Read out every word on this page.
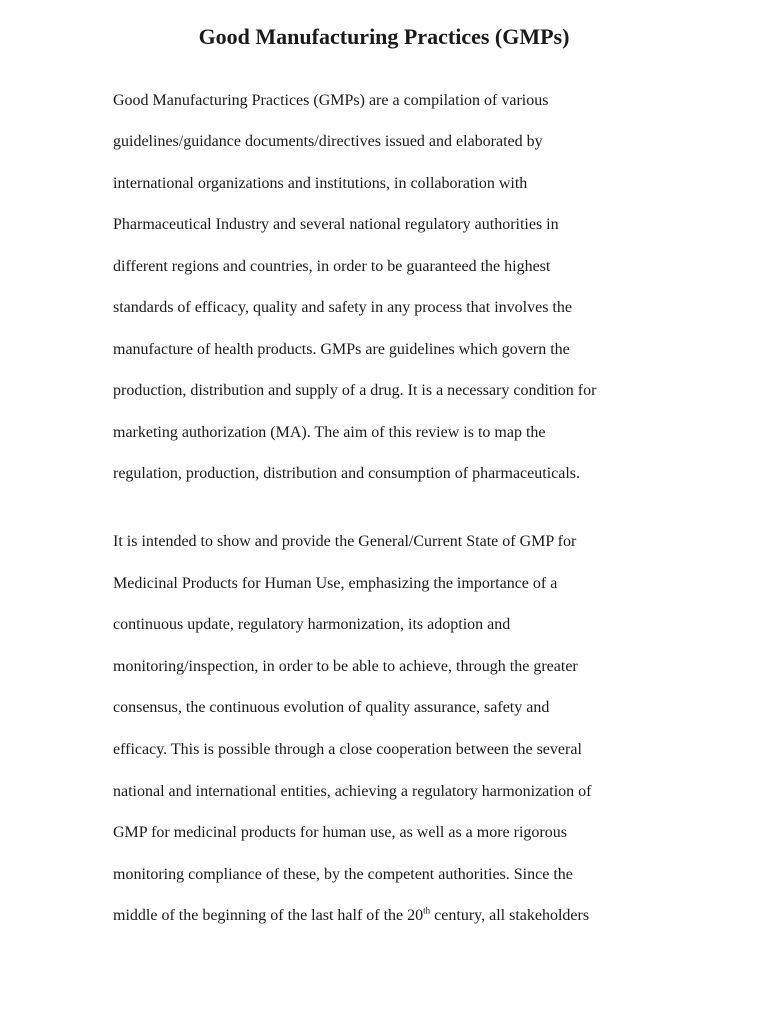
Good Manufacturing Practices (GMPs)

Good Manufacturing Practices (GMPs) are a compilation of various

guidelines/guidance documents/directives issued and elaborated by

international organizations and institutions, in collaboration with

Pharmaceutical Industry and several national regulatory authorities in

different regions and countries, in order to be guaranteed the highest

standards of efficacy, quality and safety in any process that involves the

manufacture of health products. GMPs are guidelines which govern the

production, distribution and supply of a drug. It is a necessary condition for

marketing authorization (MA). The aim of this review is to map the

regulation, production, distribution and consumption of pharmaceuticals.

It is intended to show and provide the General/Current State of GMP for

Medicinal Products for Human Use, emphasizing the importance of a

continuous update, regulatory harmonization, its adoption and

monitoring/inspection, in order to be able to achieve, through the greater

consensus, the continuous evolution of quality assurance, safety and

efficacy. This is possible through a close cooperation between the several

national and international entities, achieving a regulatory harmonization of

GMP for medicinal products for human use, as well as a more rigorous

monitoring compliance of these, by the competent authorities. Since the

middle of the beginning of the last half of the 20th century, all stakeholders
